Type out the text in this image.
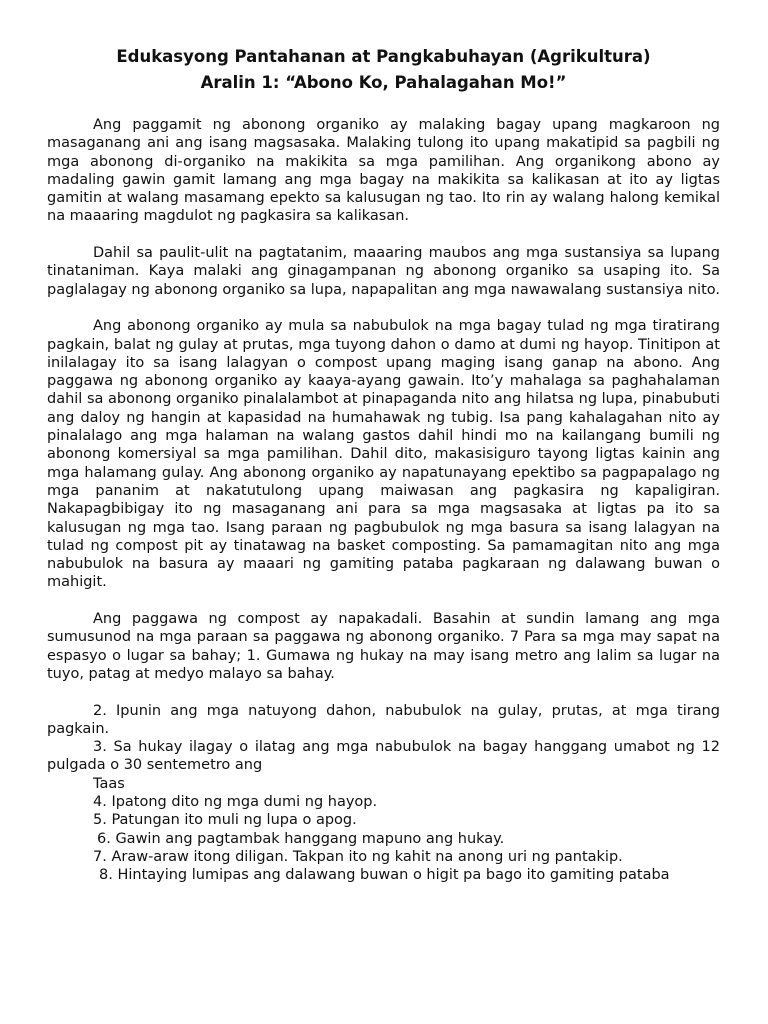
Edukasyong Pantahanan at Pangkabuhayan (Agrikultura)
Aralin 1: “Abono Ko, Pahalagahan Mo!”

Ang paggamit ng abonong organiko ay malaking bagay upang magkaroon ng masaganang ani ang isang magsasaka. Malaking tulong ito upang makatipid sa pagbili ng mga abonong di-organiko na makikita sa mga pamilihan. Ang organikong abono ay madaling gawin gamit lamang ang mga bagay na makikita sa kalikasan at ito ay ligtas gamitin at walang masamang epekto sa kalusugan ng tao. Ito rin ay walang halong kemikal na maaaring magdulot ng pagkasira sa kalikasan.

Dahil sa paulit-ulit na pagtatanim, maaaring maubos ang mga sustansiya sa lupang tinataniman. Kaya malaki ang ginagampanan ng abonong organiko sa usaping ito. Sa paglalagay ng abonong organiko sa lupa, napapalitan ang mga nawawalang sustansiya nito.

Ang abonong organiko ay mula sa nabubulok na mga bagay tulad ng mga tiratirang pagkain, balat ng gulay at prutas, mga tuyong dahon o damo at dumi ng hayop. Tinitipon at inilalagay ito sa isang lalagyan o compost upang maging isang ganap na abono. Ang paggawa ng abonong organiko ay kaaya-ayang gawain. Ito’y mahalaga sa paghahalaman dahil sa abonong organiko pinalalambot at pinapaganda nito ang hilatsa ng lupa, pinabubuti ang daloy ng hangin at kapasidad na humahawak ng tubig. Isa pang kahalagahan nito ay pinalalago ang mga halaman na walang gastos dahil hindi mo na kailangang bumili ng abonong komersiyal sa mga pamilihan. Dahil dito, makasisiguro tayong ligtas kainin ang mga halamang gulay. Ang abonong organiko ay napatunayang epektibo sa pagpapalago ng mga pananim at nakatutulong upang maiwasan ang pagkasira ng kapaligiran. Nakapagbibigay ito ng masaganang ani para sa mga magsasaka at ligtas pa ito sa kalusugan ng mga tao. Isang paraan ng pagbubulok ng mga basura sa isang lalagyan na tulad ng compost pit ay tinatawag na basket composting. Sa pamamagitan nito ang mga nabubulok na basura ay maaari ng gamiting pataba pagkaraan ng dalawang buwan o mahigit.

Ang paggawa ng compost ay napakadali. Basahin at sundin lamang ang mga sumusunod na mga paraan sa paggawa ng abonong organiko. 7 Para sa mga may sapat na espasyo o lugar sa bahay; 1. Gumawa ng hukay na may isang metro ang lalim sa lugar na tuyo, patag at medyo malayo sa bahay.

2. Ipunin ang mga natuyong dahon, nabubulok na gulay, prutas, at mga tirang pagkain.

3. Sa hukay ilagay o ilatag ang mga nabubulok na bagay hanggang umabot ng 12 pulgada o 30 sentemetro ang

Taas

4. Ipatong dito ng mga dumi ng hayop.

5. Patungan ito muli ng lupa o apog.

6. Gawin ang pagtambak hanggang mapuno ang hukay.

7. Araw-araw itong diligan. Takpan ito ng kahit na anong uri ng pantakip.

8. Hintaying lumipas ang dalawang buwan o higit pa bago ito gamiting pataba
